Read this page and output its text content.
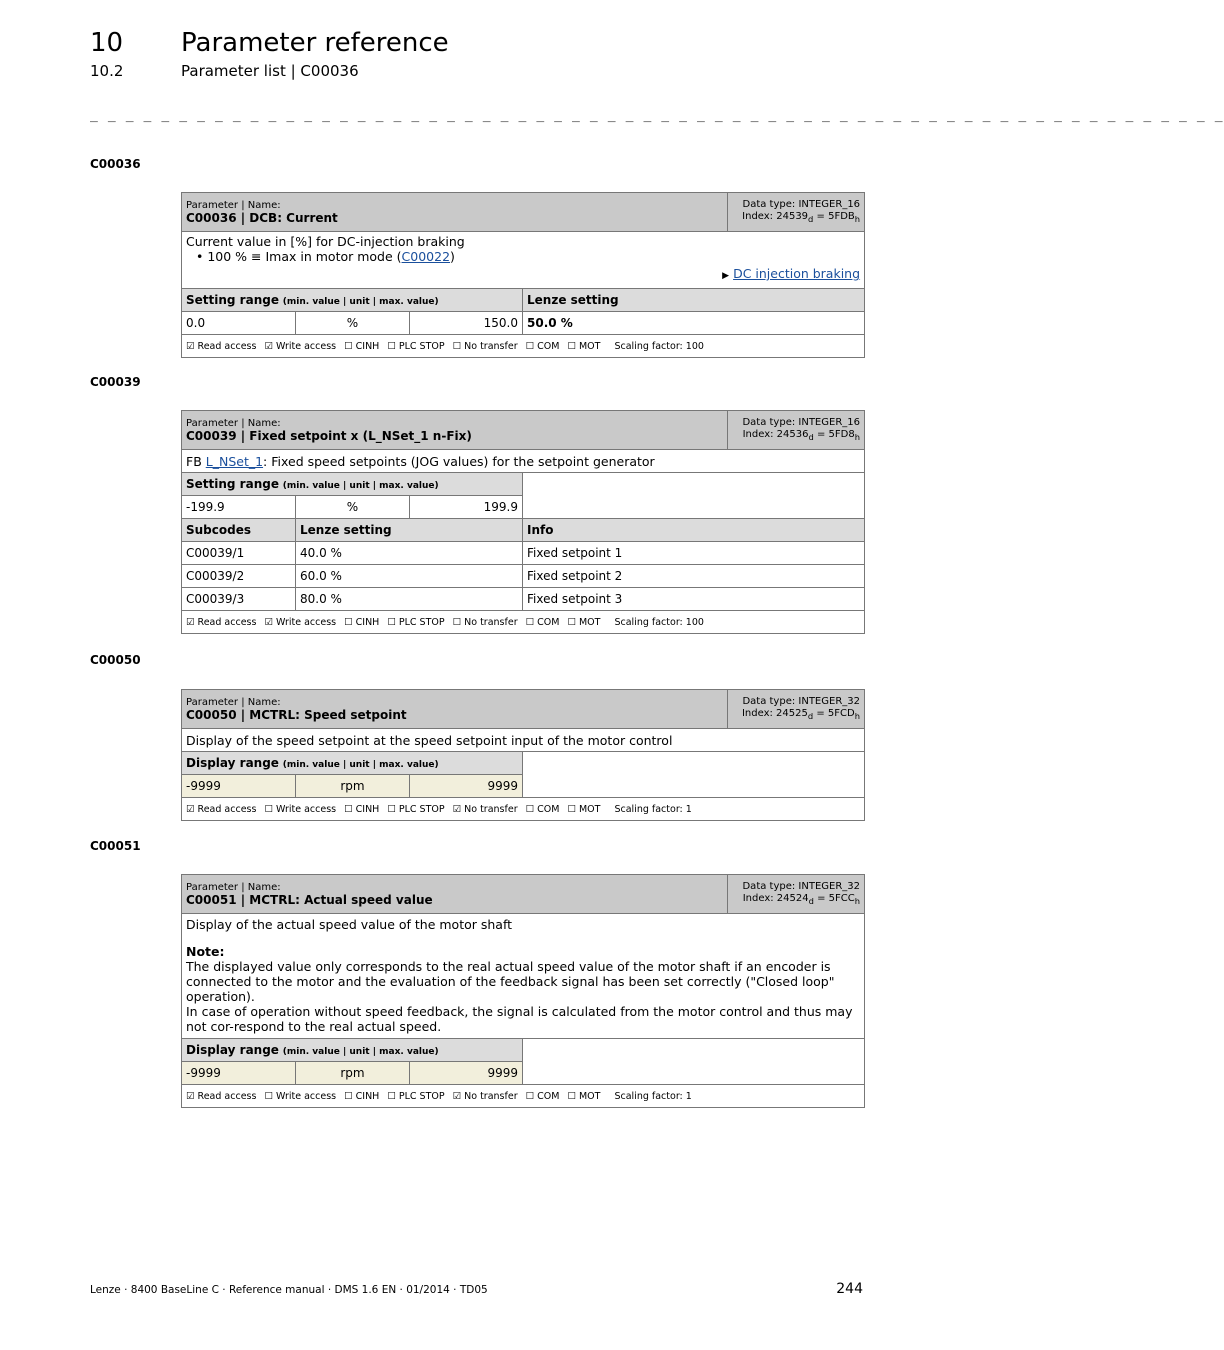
10 Parameter reference
10.2	Parameter list | C00036
_ _ _ _ _ _ _ _ _ _ _ _ _ _ _ _ _ _ _ _ _ _ _ _ _ _ _ _ _ _ _ _ _ _ _ _ _ _ _ _ _ _ _ _ _ _ _ _ _ _ _ _ _ _ _ _ _ _ _ _ _ _ _ _
C00036
Parameter | Name:
C00036 | DCB: Current				Data type: INTEGER_16
Index: $24539_d = 5FDB_h$
Current value in [%] for DC-injection braking
• 100 % ≡ Imax in motor mode (C00022)
▶ DC injection braking				

Setting range (min. value | unit | max. value)			Lenze setting	
0.0	%	150.0	50.0 %	
☑ Read access ☑ Write access ☐ CINH ☐ PLC STOP ☐ No transfer ☐ COM ☐ MOT Scaling factor: 100				
C00039
Parameter | Name:
C00039 | Fixed setpoint x (L_NSet_1 n-Fix)				Data type: INTEGER_16
Index: $24536_d = 5FD8_h$
FB L_NSet_1: Fixed speed setpoints (JOG values) for the setpoint generator				
Setting range (min. value | unit | max. value)				
-199.9	%	199.9		
Subcodes	Lenze setting		Info	
C00039/1	40.0 %		Fixed setpoint 1	
C00039/2	60.0 %		Fixed setpoint 2	
C00039/3	80.0 %		Fixed setpoint 3	
☑ Read access ☑ Write access ☐ CINH ☐ PLC STOP ☐ No transfer ☐ COM ☐ MOT Scaling factor: 100				
C00050
Parameter | Name:
C00050 | MCTRL: Speed setpoint				Data type: INTEGER_32
Index: $24525_d = 5FCD_h$
Display of the speed setpoint at the speed setpoint input of the motor control				
Display range (min. value | unit | max. value)				
-9999	rpm	9999		
☑ Read access ☐ Write access ☐ CINH ☐ PLC STOP ☑ No transfer ☐ COM ☐ MOT Scaling factor: 1				
C00051
Parameter | Name:
C00051 | MCTRL: Actual speed value				Data type: INTEGER_32
Index: $24524_d = 5FCC_h$

Display of the actual speed value of the motor shaft
Note:
The displayed value only corresponds to the real actual speed value of the motor shaft if an encoder is connected to the motor and the evaluation of the feedback signal has been set correctly ("Closed loop" operation).
In case of operation without speed feedback, the signal is calculated from the motor control and thus may not cor-respond to the real actual speed.				

Display range (min. value | unit | max. value)				
-9999	rpm	9999		
☑ Read access ☐ Write access ☐ CINH ☐ PLC STOP ☑ No transfer ☐ COM ☐ MOT Scaling factor: 1				
Lenze · 8400 BaseLine C · Reference manual · DMS 1.6 EN · 01/2014 · TD05	244
